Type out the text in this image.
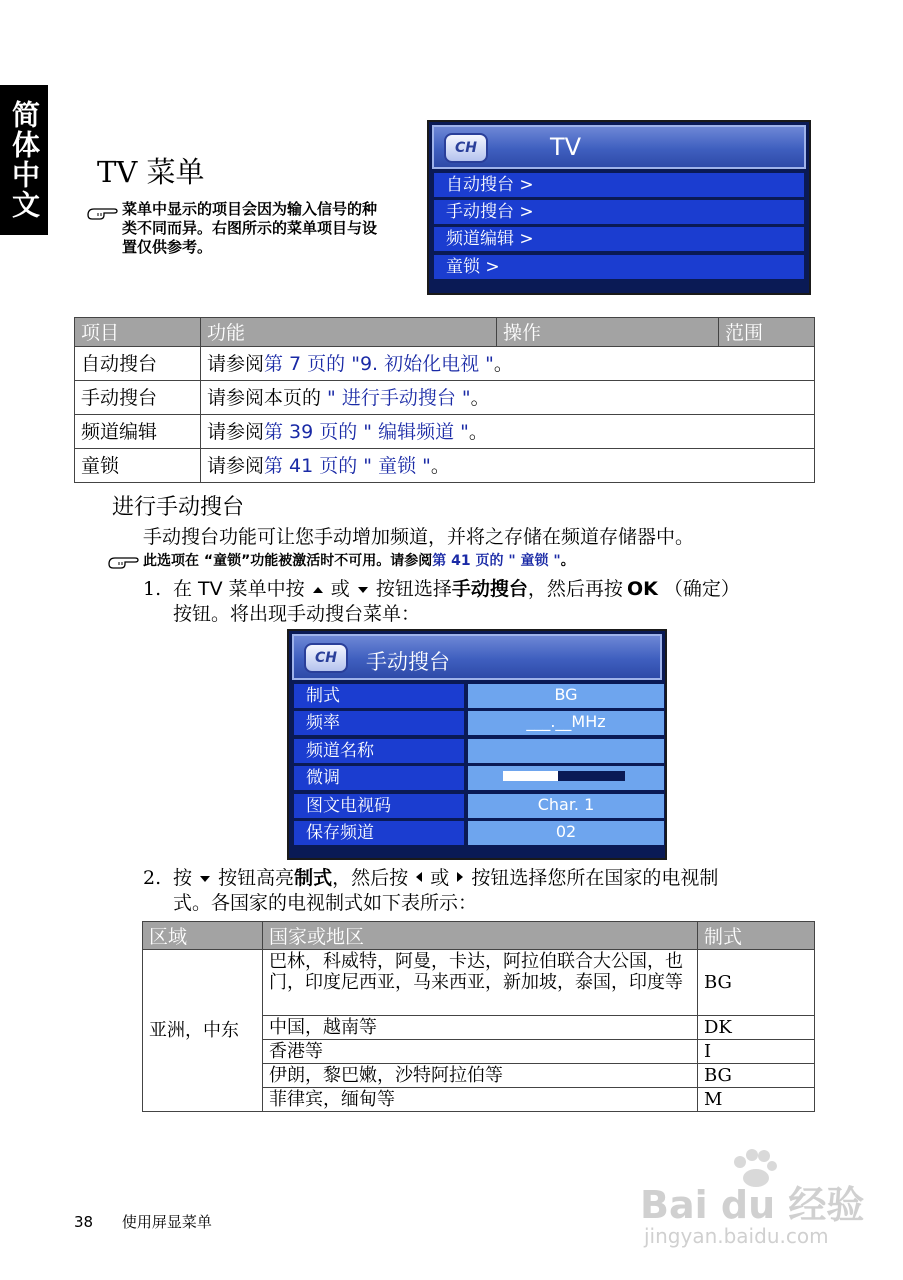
简体中文 TV 菜单
菜单中显示的项目会因为输入信号的种
类不同而异。右图所示的菜单项目与设
置仅供参考。
CH	TV
自动搜台 >
手动搜台 >
频道编辑 >
童锁 >
项目	功能	操作	范围
自动搜台	请参阅第 7 页的 "9. 初始化电视 "。		
手动搜台	请参阅本页的 " 进行手动搜台 "。		
频道编辑	请参阅第 39 页的 " 编辑频道 "。		
童锁	请参阅第 41 页的 " 童锁 "。		
进行手动搜台
手动搜台功能可让您手动增加频道，并将之存储在频道存储器中。
此选项在 “童锁”功能被激活时不可用。请参阅第 41 页的 " 童锁 "。
1. 在 TV 菜单中按 或 按钮选择手动搜台，然后再按 OK （确定）
按钮。将出现手动搜台菜单：
CH	手动搜台
制式	BG
频率	___.__MHz
频道名称
微调
图文电视码	Char. 1
保存频道	02
2. 按 按钮高亮制式，然后按 或 按钮选择您所在国家的电视制
式。各国家的电视制式如下表所示：
区域	国家或地区	制式
亚洲，中东	巴林，科威特，阿曼，卡达，阿拉伯联合大公国，也门，印度尼西亚，马来西亚，新加坡，泰国，印度等	BG
	中国，越南等	DK
	香港等	I
	伊朗，黎巴嫩，沙特阿拉伯等	BG
	菲律宾，缅甸等	M
38 使用屏显菜单	Bai du 经验
jingyan.baidu.com
